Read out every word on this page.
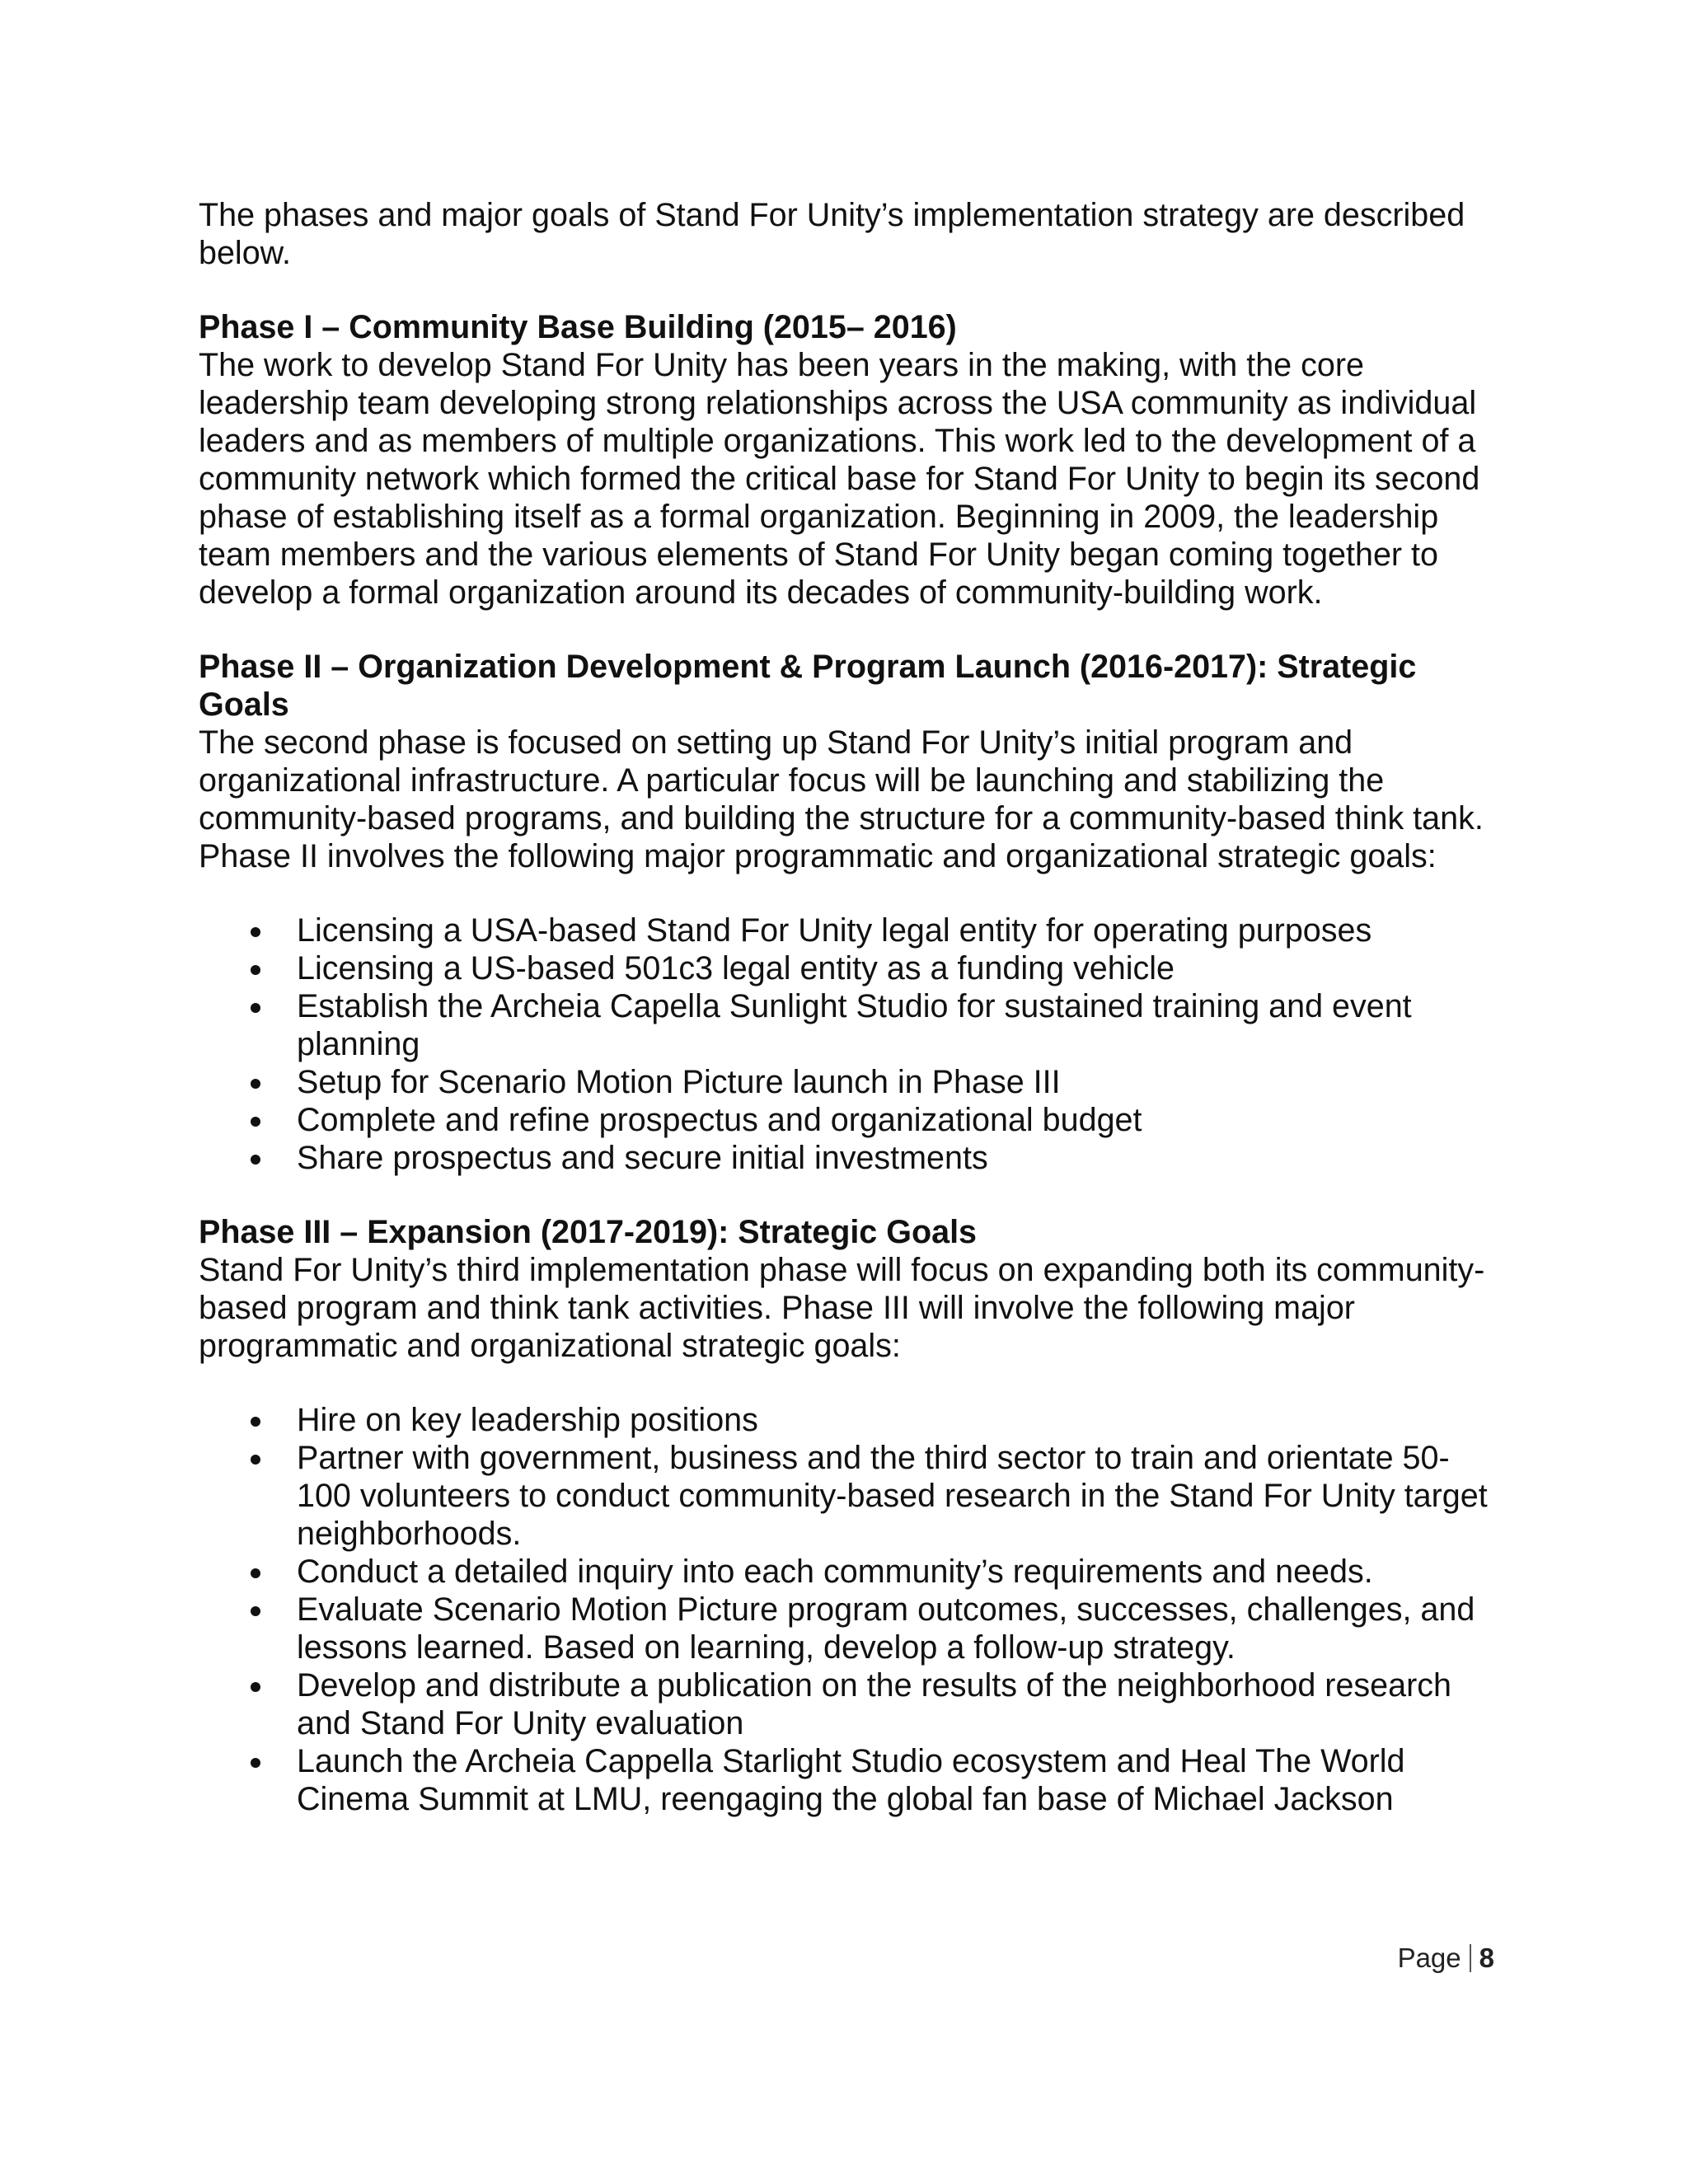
The phases and major goals of Stand For Unity’s implementation strategy are described below.

Phase I – Community Base Building (2015– 2016)

The work to develop Stand For Unity has been years in the making, with the core leadership team developing strong relationships across the USA community as individual leaders and as members of multiple organizations. This work led to the development of a community network which formed the critical base for Stand For Unity to begin its second phase of establishing itself as a formal organization. Beginning in 2009, the leadership team members and the various elements of Stand For Unity began coming together to develop a formal organization around its decades of community-building work.

Phase II – Organization Development & Program Launch (2016-2017): Strategic Goals

The second phase is focused on setting up Stand For Unity’s initial program and organizational infrastructure. A particular focus will be launching and stabilizing the community-based programs, and building the structure for a community-based think tank. Phase II involves the following major programmatic and organizational strategic goals:

Licensing a USA-based Stand For Unity legal entity for operating purposes
Licensing a US-based 501c3 legal entity as a funding vehicle
Establish the Archeia Capella Sunlight Studio for sustained training and event planning
Setup for Scenario Motion Picture launch in Phase III
Complete and refine prospectus and organizational budget
Share prospectus and secure initial investments

Phase III – Expansion (2017-2019): Strategic Goals

Stand For Unity’s third implementation phase will focus on expanding both its community-based program and think tank activities. Phase III will involve the following major programmatic and organizational strategic goals:

Hire on key leadership positions
Partner with government, business and the third sector to train and orientate 50-100 volunteers to conduct community-based research in the Stand For Unity target neighborhoods.
Conduct a detailed inquiry into each community’s requirements and needs.
Evaluate Scenario Motion Picture program outcomes, successes, challenges, and lessons learned. Based on learning, develop a follow-up strategy.
Develop and distribute a publication on the results of the neighborhood research and Stand For Unity evaluation
Launch the Archeia Cappella Starlight Studio ecosystem and Heal The World Cinema Summit at LMU, reengaging the global fan base of Michael Jackson
Page 8
